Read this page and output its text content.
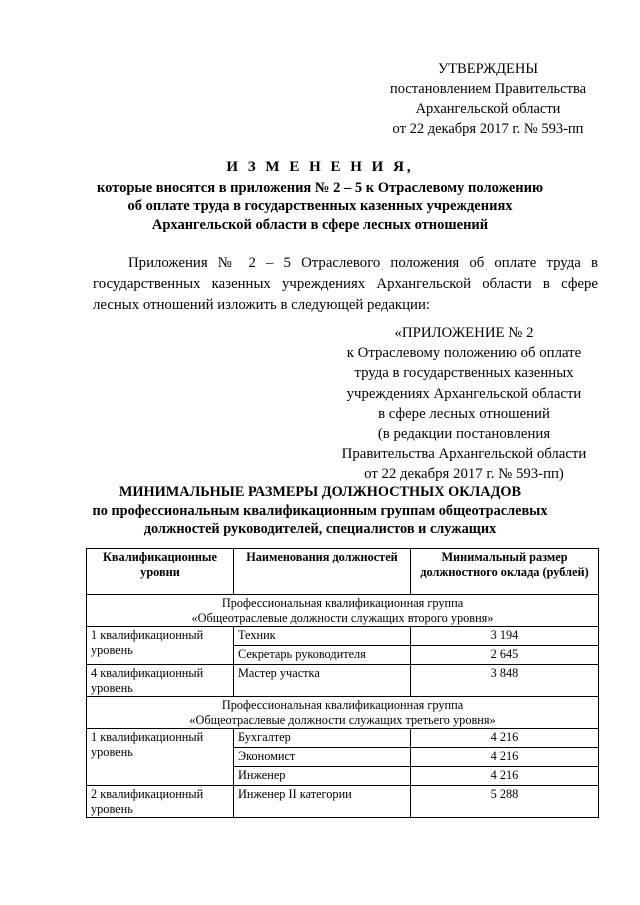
УТВЕРЖДЕНЫ
постановлением Правительства
Архангельской области
от 22 декабря 2017 г. № 593-пп
И З М Е Н Е Н И Я,
которые вносятся в приложения № 2 – 5 к Отраслевому положению
об оплате труда в государственных казенных учреждениях
Архангельской области в сфере лесных отношений

Приложения № 2 – 5 Отраслевого положения об оплате труда в государственных казенных учреждениях Архангельской области в сфере лесных отношений изложить в следующей редакции:

«ПРИЛОЖЕНИЕ № 2
к Отраслевому положению об оплате
труда в государственных казенных
учреждениях Архангельской области
в сфере лесных отношений
(в редакции постановления
Правительства Архангельской области
от 22 декабря 2017 г. № 593-пп)
МИНИМАЛЬНЫЕ РАЗМЕРЫ ДОЛЖНОСТНЫХ ОКЛАДОВ
по профессиональным квалификационным группам общеотраслевых
должностей руководителей, специалистов и служащих
Квалификационные уровни	Наименования должностей	Минимальный размер должностного оклада (рублей)

Профессиональная квалификационная группа
«Общеотраслевые должности служащих второго уровня»		

1 квалификационный уровень	Техник	3 194
	Секретарь руководителя	2 645
4 квалификационный уровень	Мастер участка	3 848

Профессиональная квалификационная группа
«Общеотраслевые должности служащих третьего уровня»		

1 квалификационный уровень	Бухгалтер	4 216
	Экономист	4 216
	Инженер	4 216
2 квалификационный уровень	Инженер II категории	5 288
